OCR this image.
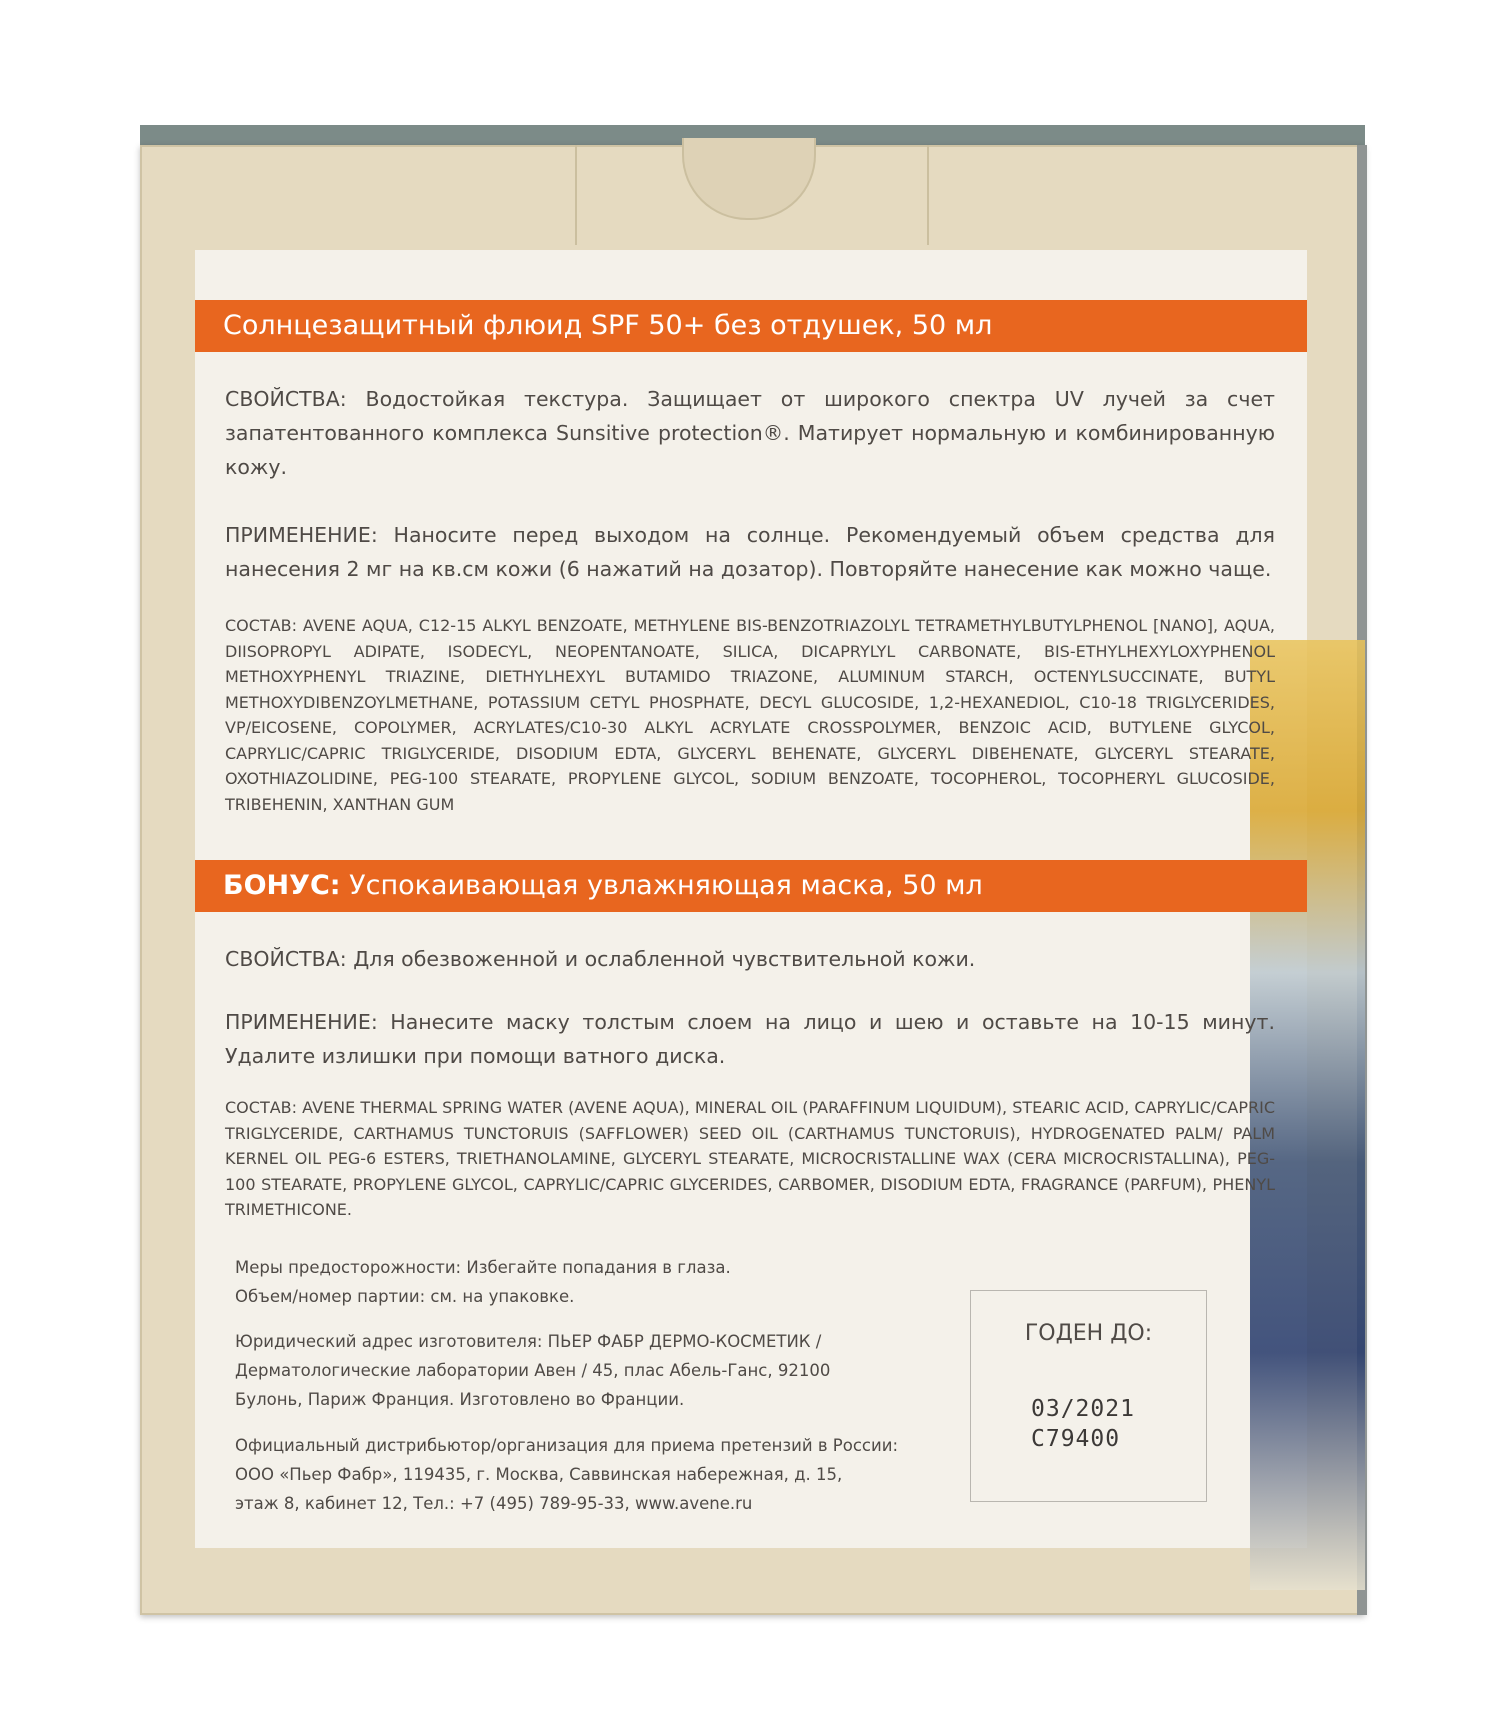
Солнцезащитный флюид SPF 50+ без отдушек, 50 мл
СВОЙСТВА: Водостойкая текстура. Защищает от широкого спектра UV лучей за счет запатентованного комплекса Sunsitive protection®. Матирует нормальную и комбинированную кожу.
ПРИМЕНЕНИЕ: Наносите перед выходом на солнце. Рекомендуемый объем средства для нанесения 2 мг на кв.см кожи (6 нажатий на дозатор). Повторяйте нанесение как можно чаще.
СОСТАВ: AVENE AQUA, C12-15 ALKYL BENZOATE, METHYLENE BIS-BENZOTRIAZOLYL TETRAMETHYLBUTYLPHENOL [NANO], AQUA, DIISOPROPYL ADIPATE, ISODECYL, NEOPENTANOATE, SILICA, DICAPRYLYL CARBONATE, BIS-ETHYLHEXYLOXYPHENOL METHOXYPHENYL TRIAZINE, DIETHYLHEXYL BUTAMIDO TRIAZONE, ALUMINUM STARCH, OCTENYLSUCCINATE, BUTYL METHOXYDIBENZOYLMETHANE, POTASSIUM CETYL PHOSPHATE, DECYL GLUCOSIDE, 1,2-HEXANEDIOL, C10-18 TRIGLYCERIDES, VP/EICOSENE, COPOLYMER, ACRYLATES/C10-30 ALKYL ACRYLATE CROSSPOLYMER, BENZOIC ACID, BUTYLENE GLYCOL, CAPRYLIC/CAPRIC TRIGLYCERIDE, DISODIUM EDTA, GLYCERYL BEHENATE, GLYCERYL DIBEHENATE, GLYCERYL STEARATE, OXOTHIAZOLIDINE, PEG-100 STEARATE, PROPYLENE GLYCOL, SODIUM BENZOATE, TOCOPHEROL, TOCOPHERYL GLUCOSIDE, TRIBEHENIN, XANTHAN GUM
БОНУС: Успокаивающая увлажняющая маска, 50 мл
СВОЙСТВА: Для обезвоженной и ослабленной чувствительной кожи.
ПРИМЕНЕНИЕ: Нанесите маску толстым слоем на лицо и шею и оставьте на 10-15 минут. Удалите излишки при помощи ватного диска.
СОСТАВ: AVENE THERMAL SPRING WATER (AVENE AQUA), MINERAL OIL (PARAFFINUM LIQUIDUM), STEARIC ACID, CAPRYLIC/CAPRIC TRIGLYCERIDE, CARTHAMUS TUNCTORUIS (SAFFLOWER) SEED OIL (CARTHAMUS TUNCTORUIS), HYDROGENATED PALM/ PALM KERNEL OIL PEG-6 ESTERS, TRIETHANOLAMINE, GLYCERYL STEARATE, MICROCRISTALLINE WAX (CERA MICROCRISTALLINA), PEG-100 STEARATE, PROPYLENE GLYCOL, CAPRYLIC/CAPRIC GLYCERIDES, CARBOMER, DISODIUM EDTA, FRAGRANCE (PARFUM), PHENYL TRIMETHICONE.
Меры предосторожности: Избегайте попадания в глаза.
Объем/номер партии: см. на упаковке.
Юридический адрес изготовителя: ПЬЕР ФАБР ДЕРМО-КОСМЕТИК /
Дерматологические лаборатории Авен / 45, плас Абель-Ганс, 92100
Булонь, Париж Франция. Изготовлено во Франции.
Официальный дистрибьютор/организация для приема претензий в России:
ООО «Пьер Фабр», 119435, г. Москва, Саввинская набережная, д. 15,
этаж 8, кабинет 12, Тел.: +7 (495) 789-95-33, www.avene.ru
ГОДЕН ДО:
03/2021
C79400
